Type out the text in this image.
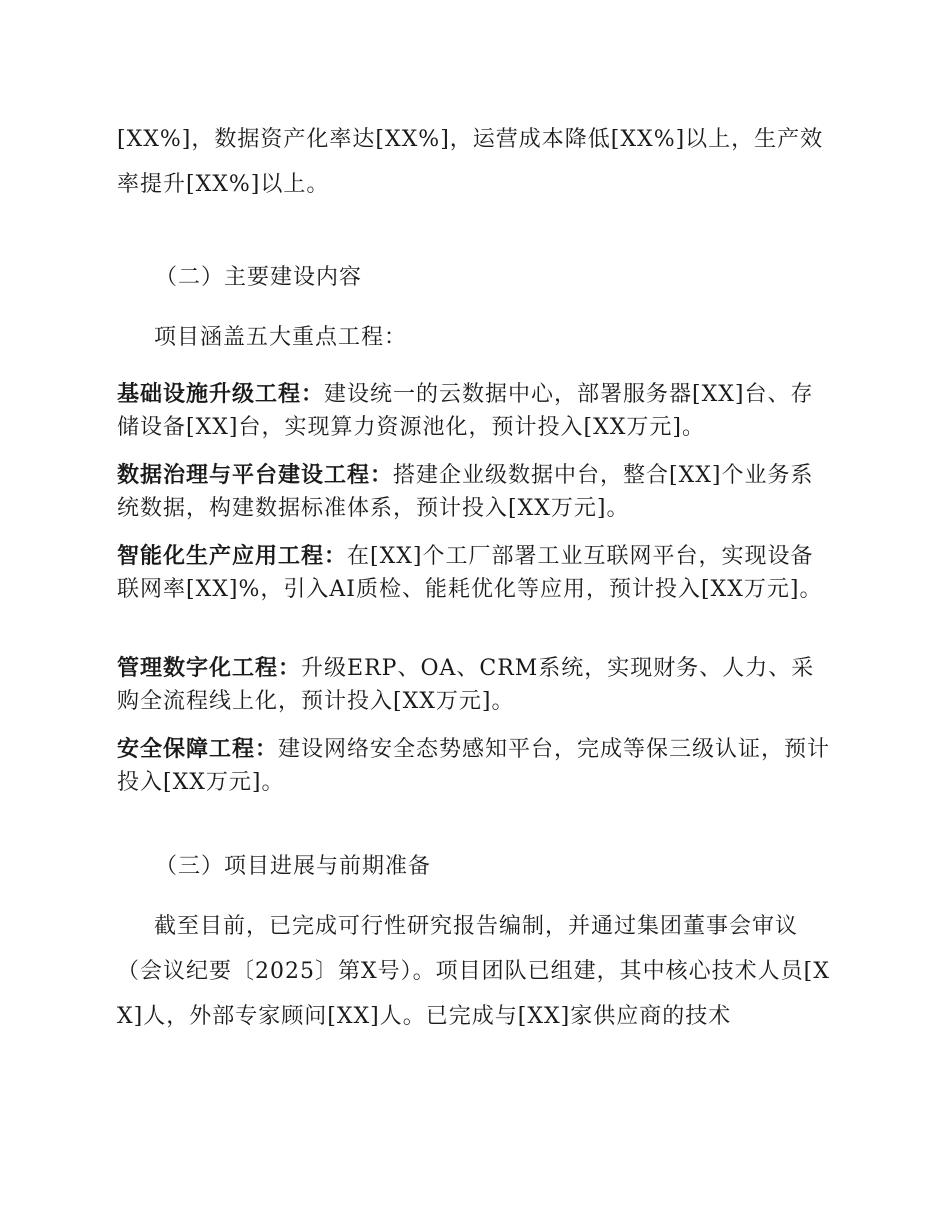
[XX%]，数据资产化率达[XX%]，运营成本降低[XX%]以上，生产效率提升[XX%]以上。
（二）主要建设内容
项目涵盖五大重点工程：
基础设施升级工程：建设统一的云数据中心，部署服务器[XX]台、存储设备[XX]台，实现算力资源池化，预计投入[XX万元]。
数据治理与平台建设工程：搭建企业级数据中台，整合[XX]个业务系统数据，构建数据标准体系，预计投入[XX万元]。
智能化生产应用工程：在[XX]个工厂部署工业互联网平台，实现设备联网率[XX]%，引入AI质检、能耗优化等应用，预计投入[XX万元]。
管理数字化工程：升级ERP、OA、CRM系统，实现财务、人力、采购全流程线上化，预计投入[XX万元]。
安全保障工程：建设网络安全态势感知平台，完成等保三级认证，预计投入[XX万元]。
（三）项目进展与前期准备
截至目前，已完成可行性研究报告编制，并通过集团董事会审议（会议纪要〔2025〕第X号）。项目团队已组建，其中核心技术人员[XX]人，外部专家顾问[XX]人。已完成与[XX]家供应商的技术
